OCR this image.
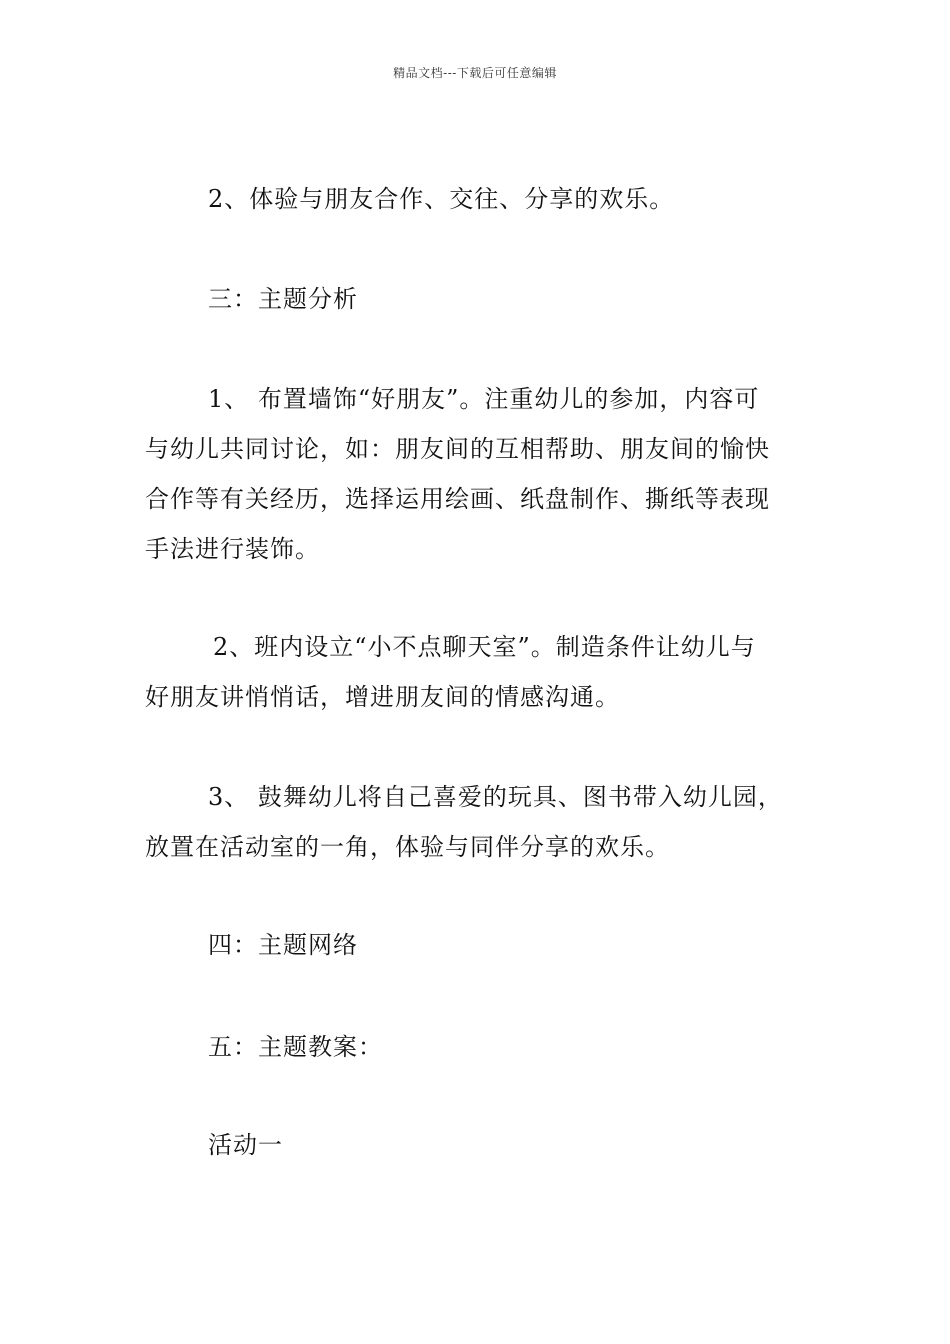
精品文档---下载后可任意编辑
2、体验与朋友合作、交往、分享的欢乐。
三：主题分析
1、 布置墙饰“好朋友”。注重幼儿的参加，内容可
与幼儿共同讨论，如：朋友间的互相帮助、朋友间的愉快
合作等有关经历，选择运用绘画、纸盘制作、撕纸等表现
手法进行装饰。
2、班内设立“小不点聊天室”。制造条件让幼儿与
好朋友讲悄悄话，增进朋友间的情感沟通。
3、 鼓舞幼儿将自己喜爱的玩具、图书带入幼儿园，
放置在活动室的一角，体验与同伴分享的欢乐。
四：主题网络
五：主题教案：
活动一
